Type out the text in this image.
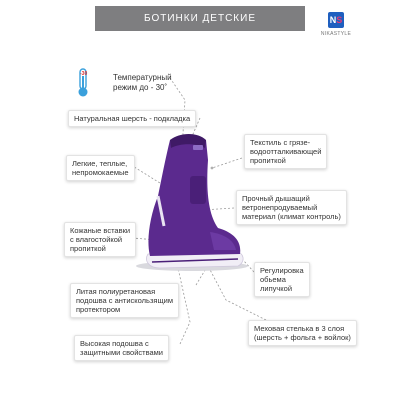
БОТИНКИ ДЕТСКИЕ	NS
NIKASTYLE
-30	Температурный
режим до - 30˚
Натуральная шерсть - подкладка
Легкие, теплые,
непромокаемые
Текстиль с грязе-
водоотталкивающей
пропиткой
Прочный дышащий
ветронепродуваемый
материал (климат контроль)
Кожаные вставки
с влагостойкой
пропиткой
Регулировка
обьема
липучкой
Литая полиуретановая
подошва с антискользящим
протектором
Меховая стелька в 3 слоя
(шерсть + фольга + войлок)
Высокая подошва с
защитными свойствами
